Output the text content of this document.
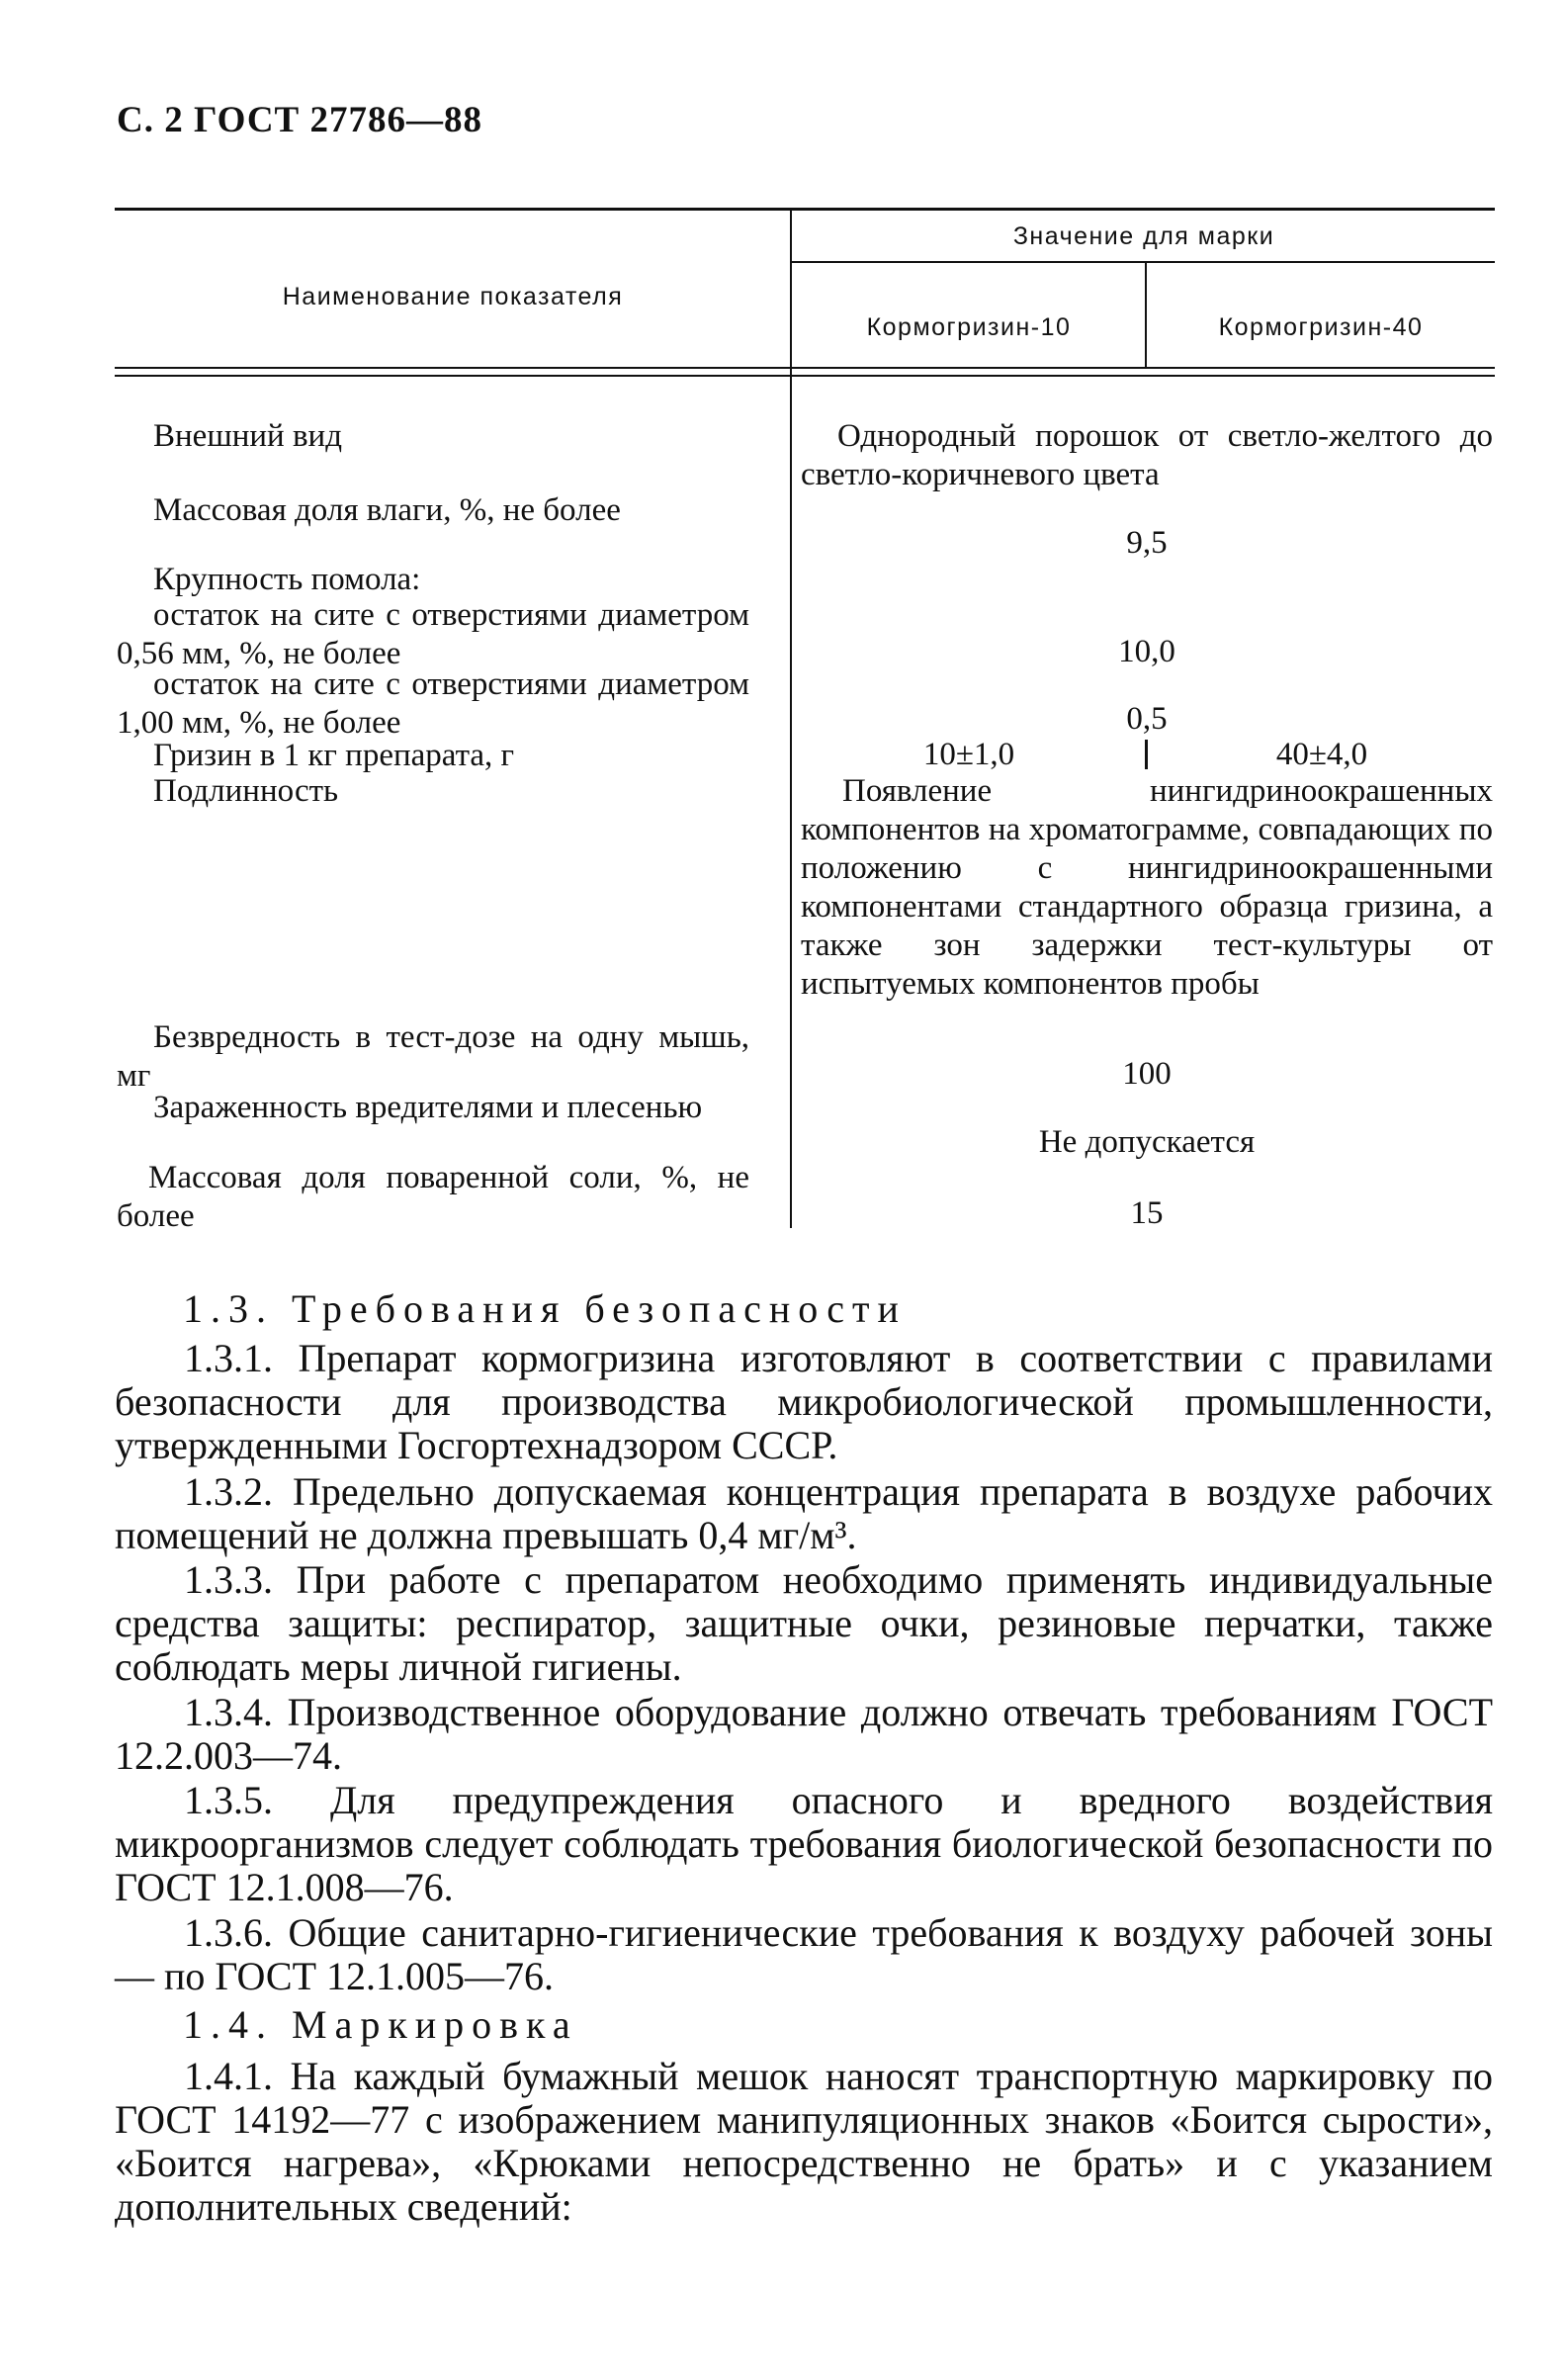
С. 2 ГОСТ 27786—88
Наименование показателя
Значение для марки
Кормогризин-10	Кормогризин-40
Внешний вид
Массовая доля влаги, %, не более
Крупность помола:
остаток на сите с отверстиями диаметром 0,56 мм, %, не более
остаток на сите с отверстиями диаметром 1,00 мм, %, не более
Гризин в 1 кг препарата, г
Подлинность
Безвредность в тест-дозе на одну мышь, мг
Зараженность вредителями и плесенью
Массовая доля поваренной соли, %, не более
Однородный порошок от светло-желтого до светло-коричневого цвета
9,5
10,0
0,5
10±1,0	40±4,0
Появление нингидриноокрашенных компонентов на хроматограмме, совпадающих по положению с нингидриноокрашенными компонентами стандартного образца гризина, а также зон задержки тест-культуры от испытуемых компонентов пробы
100
Не допускается
15
1.3. Требования безопасности
1.3.1. Препарат кормогризина изготовляют в соответствии с правилами безопасности для производства микробиологической промышленности, утвержденными Госгортехнадзором СССР.
1.3.2. Предельно допускаемая концентрация препарата в воздухе рабочих помещений не должна превышать 0,4 мг/м³.
1.3.3. При работе с препаратом необходимо применять индивидуальные средства защиты: респиратор, защитные очки, резиновые перчатки, также соблюдать меры личной гигиены.
1.3.4. Производственное оборудование должно отвечать требованиям ГОСТ 12.2.003—74.
1.3.5. Для предупреждения опасного и вредного воздействия микроорганизмов следует соблюдать требования биологической безопасности по ГОСТ 12.1.008—76.
1.3.6. Общие санитарно-гигиенические требования к воздуху рабочей зоны — по ГОСТ 12.1.005—76.
1.4. Маркировка
1.4.1. На каждый бумажный мешок наносят транспортную маркировку по ГОСТ 14192—77 с изображением манипуляционных знаков «Боится сырости», «Боится нагрева», «Крюками непосредственно не брать» и с указанием дополнительных сведений:
